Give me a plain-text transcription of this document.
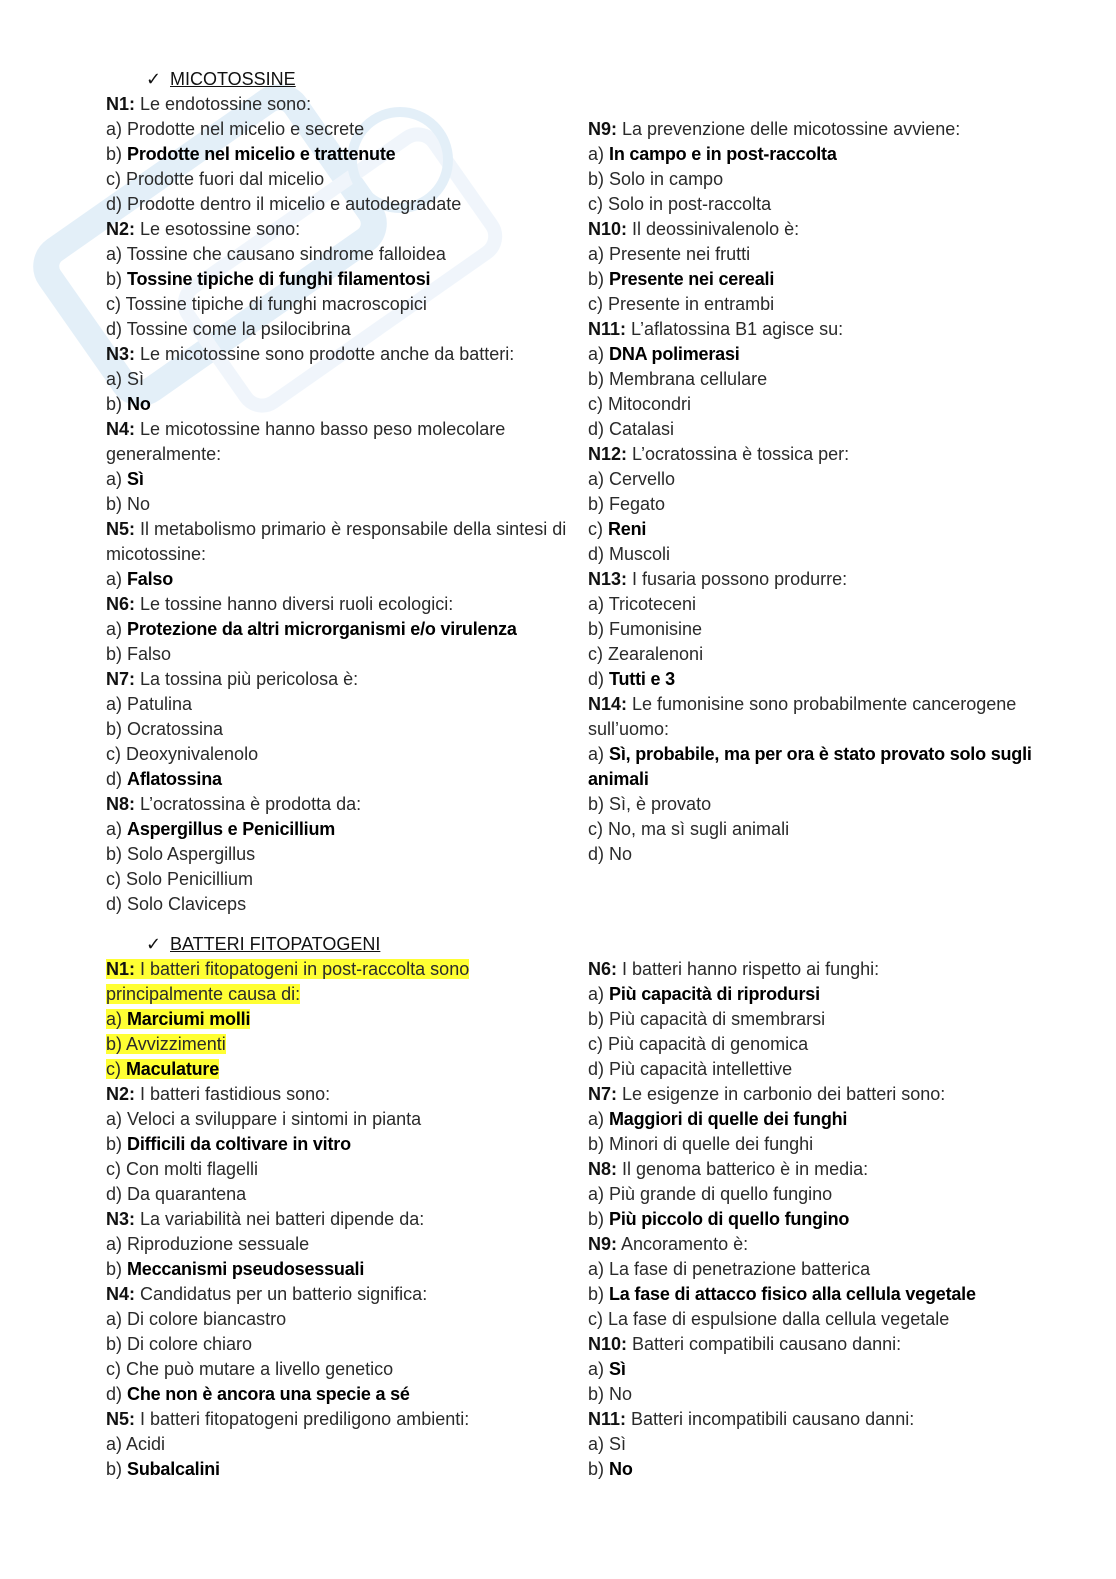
✓ MICOTOSSINE
N1: Le endotossine sono:
a) Prodotte nel micelio e secrete
b) Prodotte nel micelio e trattenute
c) Prodotte fuori dal micelio
d) Prodotte dentro il micelio e autodegradate
N2: Le esotossine sono:
a) Tossine che causano sindrome falloidea
b) Tossine tipiche di funghi filamentosi
c) Tossine tipiche di funghi macroscopici
d) Tossine come la psilocibrina
N3: Le micotossine sono prodotte anche da batteri:
a) Sì
b) No
N4: Le micotossine hanno basso peso molecolare generalmente:
a) Sì
b) No
N5: Il metabolismo primario è responsabile della sintesi di micotossine:
a) Falso
N6: Le tossine hanno diversi ruoli ecologici:
a) Protezione da altri microrganismi e/o virulenza
b) Falso
N7: La tossina più pericolosa è:
a) Patulina
b) Ocratossina
c) Deoxynivalenolo
d) Aflatossina
N8: L’ocratossina è prodotta da:
a) Aspergillus e Penicillium
b) Solo Aspergillus
c) Solo Penicillium
d) Solo Claviceps
N9: La prevenzione delle micotossine avviene:
a) In campo e in post-raccolta
b) Solo in campo
c) Solo in post-raccolta
N10: Il deossinivalenolo è:
a) Presente nei frutti
b) Presente nei cereali
c) Presente in entrambi
N11: L’aflatossina B1 agisce su:
a) DNA polimerasi
b) Membrana cellulare
c) Mitocondri
d) Catalasi
N12: L’ocratossina è tossica per:
a) Cervello
b) Fegato
c) Reni
d) Muscoli
N13: I fusaria possono produrre:
a) Tricoteceni
b) Fumonisine
c) Zearalenoni
d) Tutti e 3
N14: Le fumonisine sono probabilmente cancerogene sull’uomo:
a) Sì, probabile, ma per ora è stato provato solo sugli animali
b) Sì, è provato
c) No, ma sì sugli animali
d) No
✓ BATTERI FITOPATOGENI
N1: I batteri fitopatogeni in post-raccolta sono principalmente causa di:
a) Marciumi molli
b) Avvizzimenti
c) Maculature
N2: I batteri fastidious sono:
a) Veloci a sviluppare i sintomi in pianta
b) Difficili da coltivare in vitro
c) Con molti flagelli
d) Da quarantena
N3: La variabilità nei batteri dipende da:
a) Riproduzione sessuale
b) Meccanismi pseudosessuali
N4: Candidatus per un batterio significa:
a) Di colore biancastro
b) Di colore chiaro
c) Che può mutare a livello genetico
d) Che non è ancora una specie a sé
N5: I batteri fitopatogeni prediligono ambienti:
a) Acidi
b) Subalcalini
N6: I batteri hanno rispetto ai funghi:
a) Più capacità di riprodursi
b) Più capacità di smembrarsi
c) Più capacità di genomica
d) Più capacità intellettive
N7: Le esigenze in carbonio dei batteri sono:
a) Maggiori di quelle dei funghi
b) Minori di quelle dei funghi
N8: Il genoma batterico è in media:
a) Più grande di quello fungino
b) Più piccolo di quello fungino
N9: Ancoramento è:
a) La fase di penetrazione batterica
b) La fase di attacco fisico alla cellula vegetale
c) La fase di espulsione dalla cellula vegetale
N10: Batteri compatibili causano danni:
a) Sì
b) No
N11: Batteri incompatibili causano danni:
a) Sì
b) No
